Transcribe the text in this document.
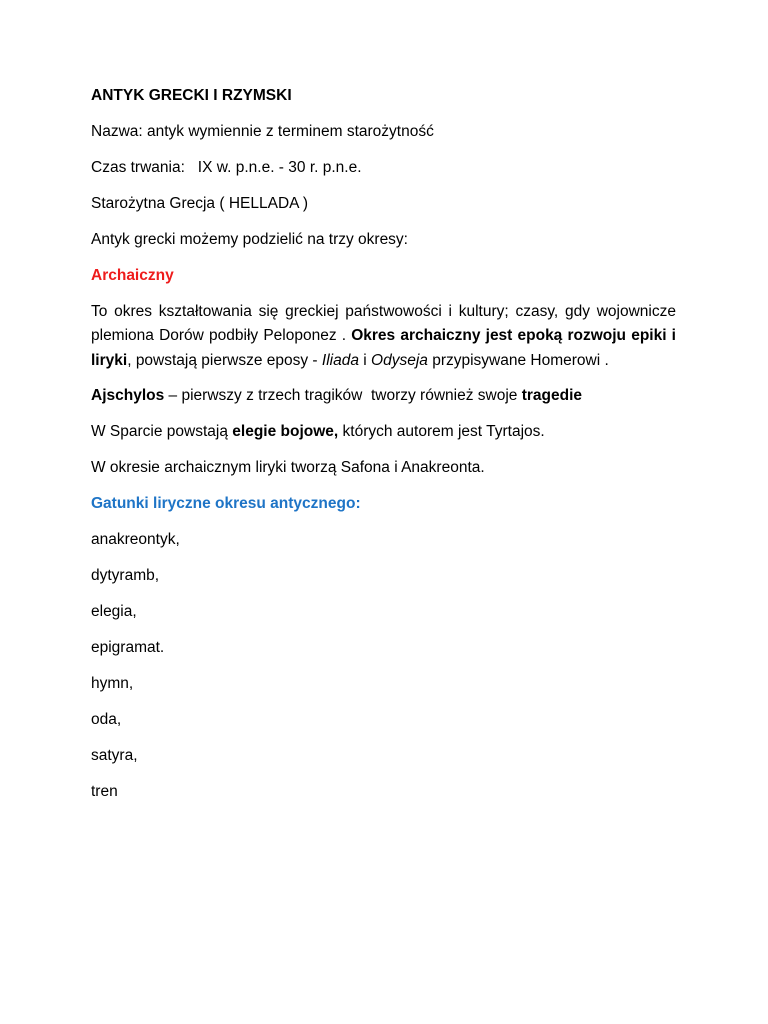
ANTYK GRECKI I RZYMSKI

Nazwa: antyk wymiennie z terminem starożytność

Czas trwania:   IX w. p.n.e. - 30 r. p.n.e.

Starożytna Grecja ( HELLADA )

Antyk grecki możemy podzielić na trzy okresy:

Archaiczny

To okres kształtowania się greckiej państwowości i kultury; czasy, gdy wojownicze plemiona Dorów podbiły Peloponez . Okres archaiczny jest epoką rozwoju epiki i liryki, powstają pierwsze eposy - Iliada i Odyseja przypisywane Homerowi .

Ajschylos – pierwszy z trzech tragików  tworzy również swoje tragedie

W Sparcie powstają elegie bojowe, których autorem jest Tyrtajos.

W okresie archaicznym liryki tworzą Safona i Anakreonta.

Gatunki liryczne okresu antycznego:

anakreontyk,

dytyramb,

elegia,

epigramat.

hymn,

oda,

satyra,

tren
